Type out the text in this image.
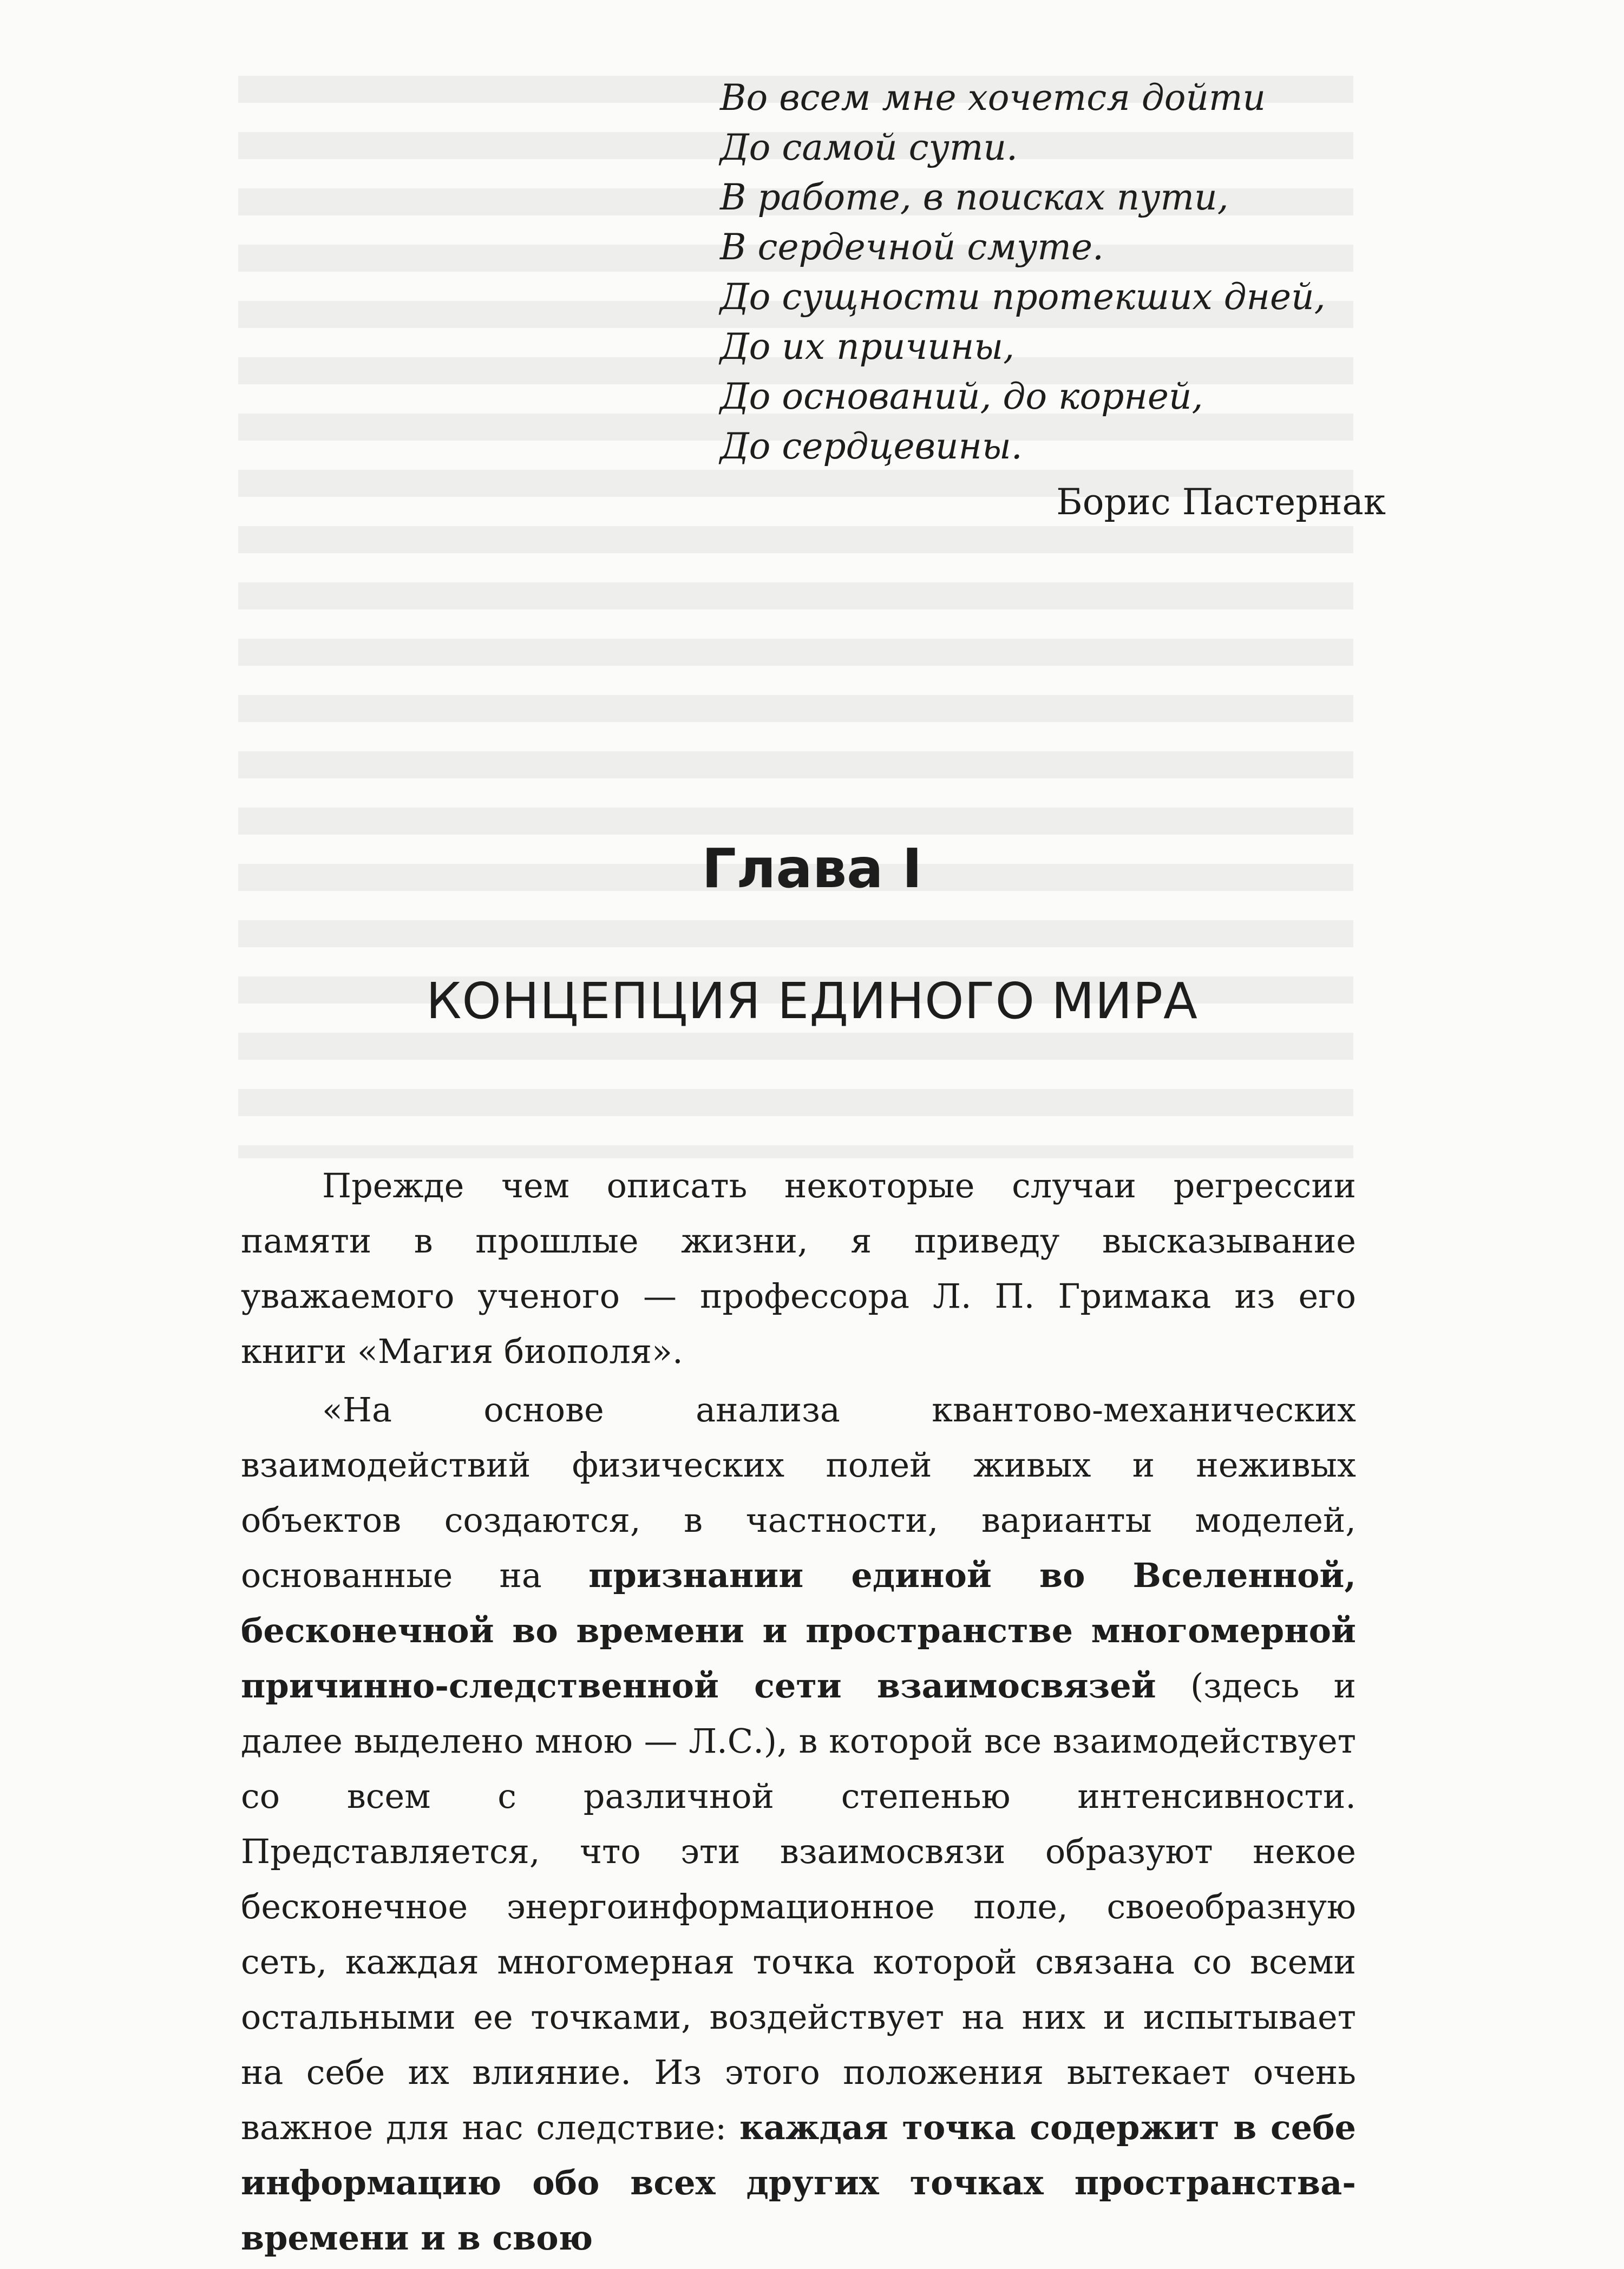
Во всем мне хочется дойти
До самой сути.
В работе, в поисках пути,
В сердечной смуте.
До сущности протекших дней,
До их причины,
До оснований, до корней,
До сердцевины.
Борис Пастернак
Глава I
КОНЦЕПЦИЯ ЕДИНОГО МИРА

Прежде чем описать некоторые случаи регрессии памяти в прошлые жизни, я приведу высказывание уважаемого ученого — профессора Л. П. Гримака из его книги «Магия биополя».

«На основе анализа квантово-механических взаимодействий физических полей живых и неживых объектов создаются, в частности, варианты моделей, основанные на признании единой во Вселенной, бесконечной во времени и пространстве многомерной причинно-следственной сети взаимосвязей (здесь и далее выделено мною — Л.С.), в которой все взаимодействует со всем с различной степенью интенсивности. Представляется, что эти взаимосвязи образуют некое бесконечное энергоинформационное поле, своеобразную сеть, каждая многомерная точка которой связана со всеми остальными ее точками, воздействует на них и испытывает на себе их влияние. Из этого положения вытекает очень важное для нас следствие: каждая точка содержит в себе информацию обо всех других точках пространства-времени и в свою
